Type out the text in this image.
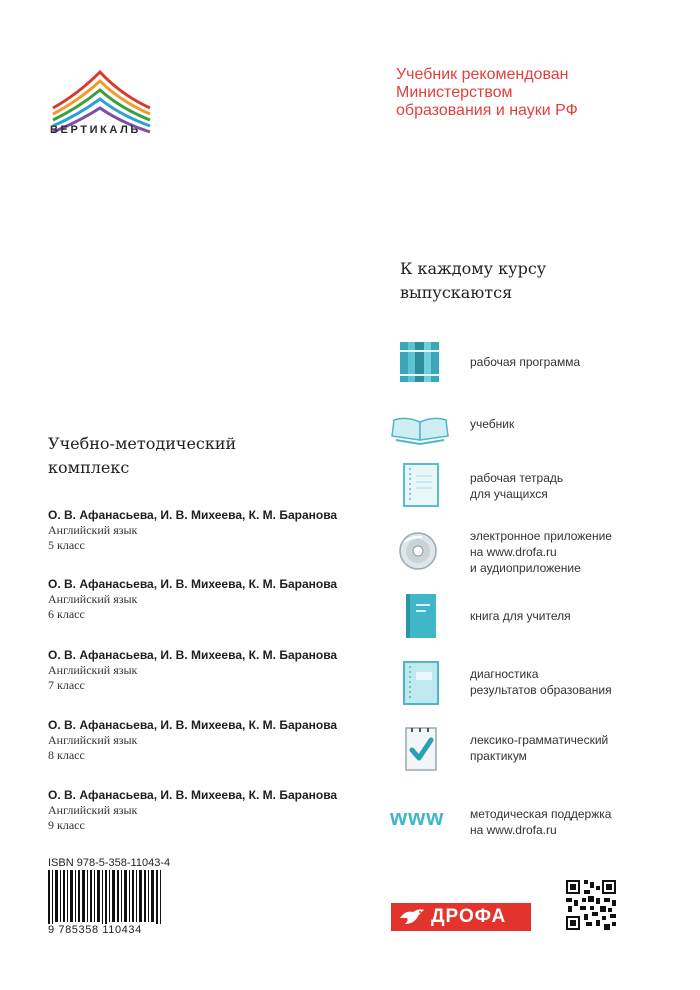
ВЕРТИКАЛЬ
Учебник рекомендован
Министерством
образования и науки РФ
К каждому курсу
выпускаются
рабочая программа
учебник
рабочая тетрадь
для учащихся
электронное приложение
на www.drofa.ru
и аудиоприложение
книга для учителя
диагностика
результатов образования
лексико-грамматический
практикум
www	методическая поддержка
на www.drofa.ru
Учебно-методический
комплекс
О. В. Афанасьева, И. В. Михеева, К. М. Баранова
Английский язык
5 класс
О. В. Афанасьева, И. В. Михеева, К. М. Баранова
Английский язык
6 класс
О. В. Афанасьева, И. В. Михеева, К. М. Баранова
Английский язык
7 класс
О. В. Афанасьева, И. В. Михеева, К. М. Баранова
Английский язык
8 класс
О. В. Афанасьева, И. В. Михеева, К. М. Баранова
Английский язык
9 класс
ISBN 978-5-358-11043-4
9 785358 110434
ДРОФА
